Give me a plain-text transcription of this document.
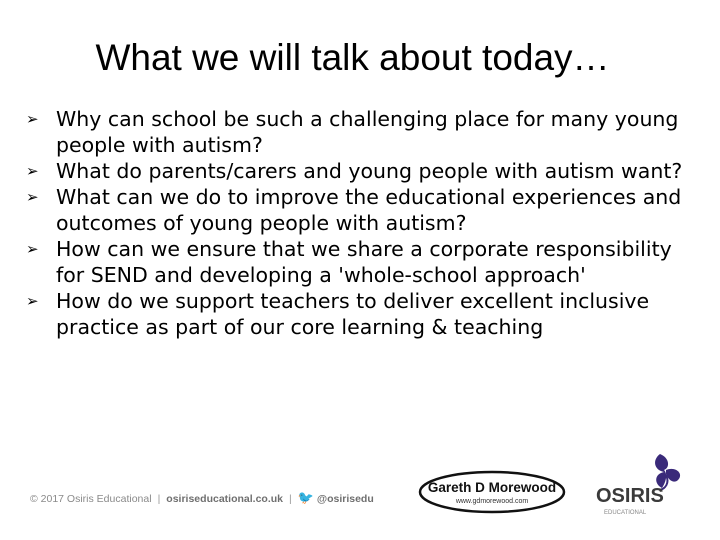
What we will talk about today…
➢ Why can school be such a challenging place for many young people with autism?
➢ What do parents/carers and young people with autism want?
➢ What can we do to improve the educational experiences and outcomes of young people with autism?
➢ How can we ensure that we share a corporate responsibility for SEND and developing a 'whole-school approach'
➢ How do we support teachers to deliver excellent inclusive practice as part of our core learning & teaching
© 2017 Osiris Educational | osiriseducational.co.uk | 🐦 @osirisedu
Gareth D Morewood
www.gdmorewood.com	OSIRIS
EDUCATIONAL
